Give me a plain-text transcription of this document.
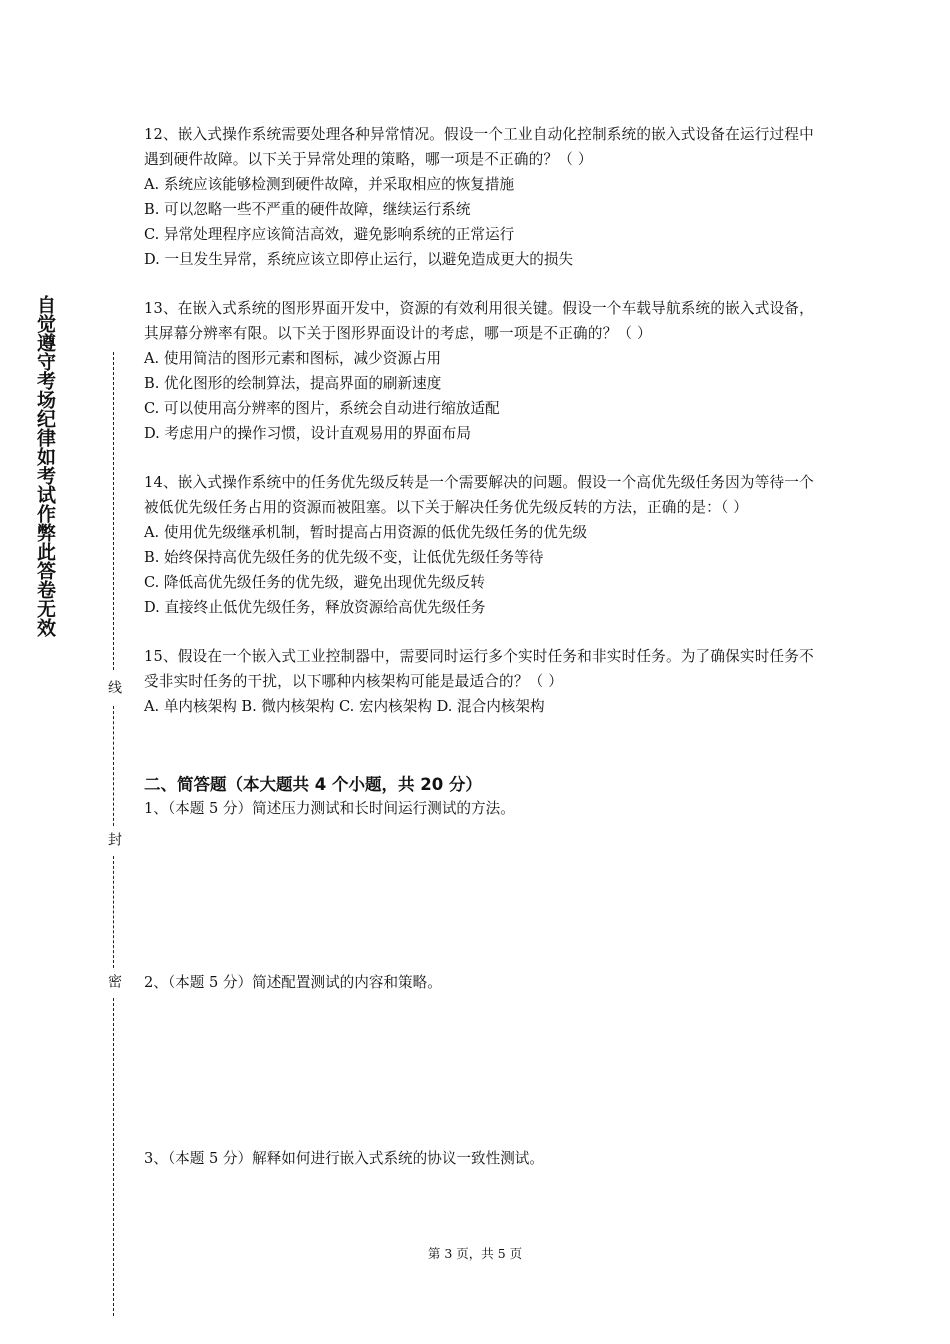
自觉遵守考场纪律如考试作弊此答卷无效
线
封
密

12、嵌入式操作系统需要处理各种异常情况。假设一个工业自动化控制系统的嵌入式设备在运行过程中遇到硬件故障。以下关于异常处理的策略，哪一项是不正确的？（ ）

A. 系统应该能够检测到硬件故障，并采取相应的恢复措施

B. 可以忽略一些不严重的硬件故障，继续运行系统

C. 异常处理程序应该简洁高效，避免影响系统的正常运行

D. 一旦发生异常，系统应该立即停止运行，以避免造成更大的损失

13、在嵌入式系统的图形界面开发中，资源的有效利用很关键。假设一个车载导航系统的嵌入式设备，其屏幕分辨率有限。以下关于图形界面设计的考虑，哪一项是不正确的？（ ）

A. 使用简洁的图形元素和图标，减少资源占用

B. 优化图形的绘制算法，提高界面的刷新速度

C. 可以使用高分辨率的图片，系统会自动进行缩放适配

D. 考虑用户的操作习惯，设计直观易用的界面布局

14、嵌入式操作系统中的任务优先级反转是一个需要解决的问题。假设一个高优先级任务因为等待一个被低优先级任务占用的资源而被阻塞。以下关于解决任务优先级反转的方法，正确的是：（ ）

A. 使用优先级继承机制，暂时提高占用资源的低优先级任务的优先级

B. 始终保持高优先级任务的优先级不变，让低优先级任务等待

C. 降低高优先级任务的优先级，避免出现优先级反转

D. 直接终止低优先级任务，释放资源给高优先级任务

15、假设在一个嵌入式工业控制器中，需要同时运行多个实时任务和非实时任务。为了确保实时任务不受非实时任务的干扰，以下哪种内核架构可能是最适合的？（ ）

A. 单内核架构 B. 微内核架构 C. 宏内核架构 D. 混合内核架构

二、简答题（本大题共 4 个小题，共 20 分）

1、（本题 5 分）简述压力测试和长时间运行测试的方法。

2、（本题 5 分）简述配置测试的内容和策略。

3、（本题 5 分）解释如何进行嵌入式系统的协议一致性测试。

第 3 页，共 5 页
